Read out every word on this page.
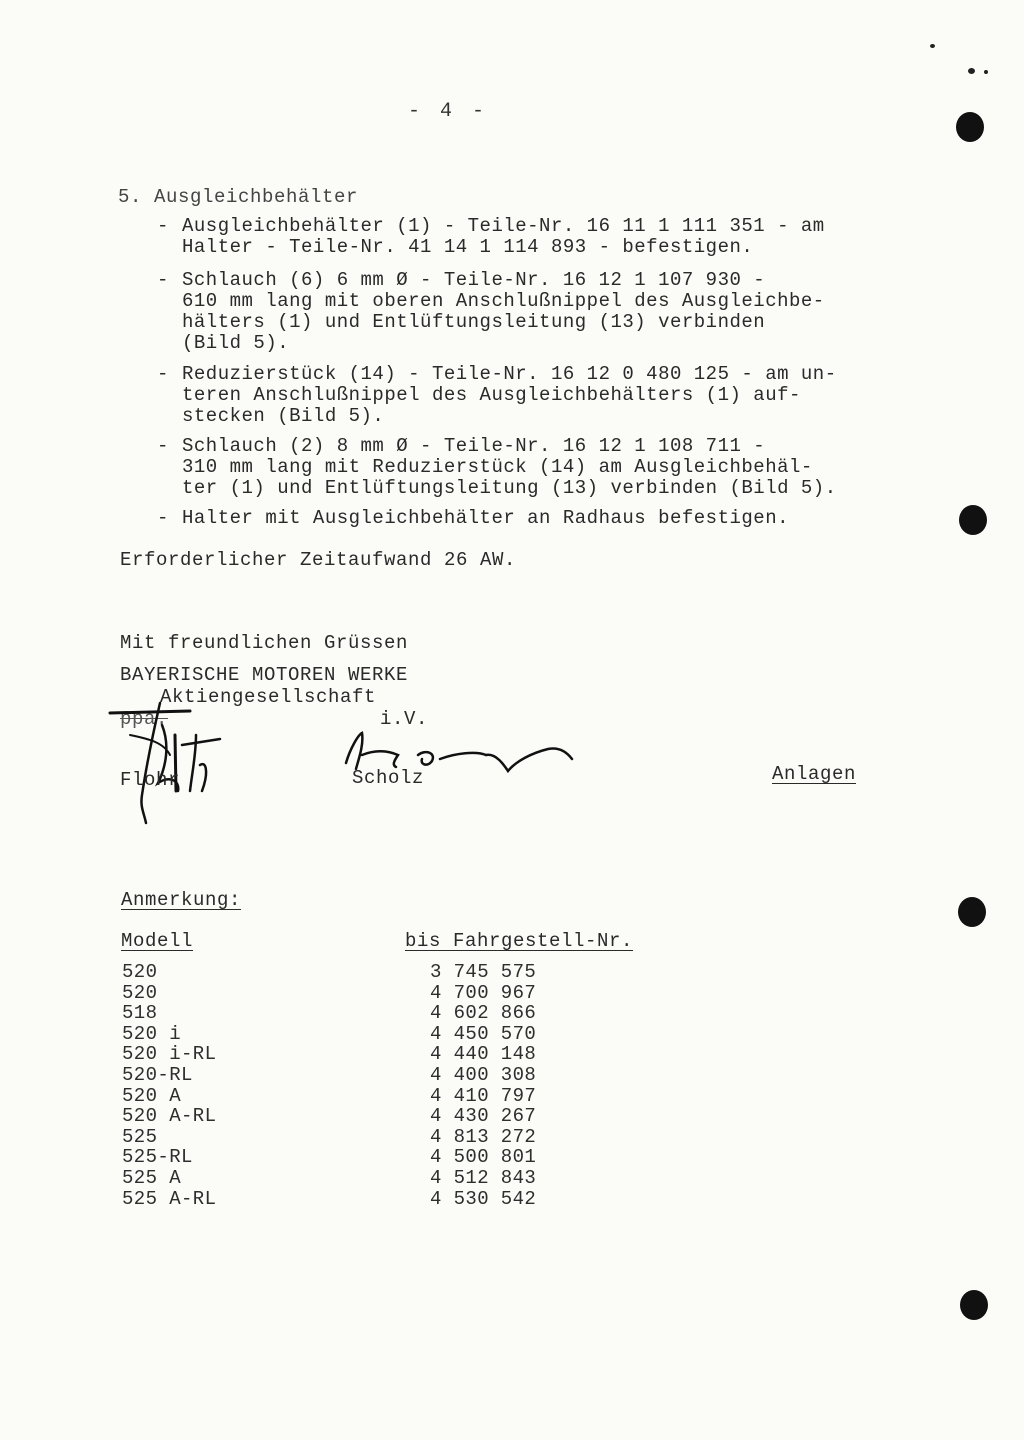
- 4 -
5. Ausgleichbehälter
- Ausgleichbehälter (1) - Teile-Nr. 16 11 1 111 351 - am
Halter - Teile-Nr. 41 14 1 114 893 - befestigen.
- Schlauch (6) 6 mm Ø - Teile-Nr. 16 12 1 107 930 -
610 mm lang mit oberen Anschlußnippel des Ausgleichbe-
hälters (1) und Entlüftungsleitung (13) verbinden
(Bild 5).
- Reduzierstück (14) - Teile-Nr. 16 12 0 480 125 - am un-
teren Anschlußnippel des Ausgleichbehälters (1) auf-
stecken (Bild 5).
- Schlauch (2) 8 mm Ø - Teile-Nr. 16 12 1 108 711 -
310 mm lang mit Reduzierstück (14) am Ausgleichbehäl-
ter (1) und Entlüftungsleitung (13) verbinden (Bild 5).
- Halter mit Ausgleichbehälter an Radhaus befestigen.
Erforderlicher Zeitaufwand 26 AW.
Mit freundlichen Grüssen
BAYERISCHE MOTOREN WERKE
Aktiengesellschaft
ppa.	i.V.
Flohr	Scholz	Anlagen
Anmerkung:
Modell	bis Fahrgestell-Nr.
520	3 745 575
520	4 700 967
518	4 602 866
520 i	4 450 570
520 i-RL	4 440 148
520-RL	4 400 308
520 A	4 410 797
520 A-RL	4 430 267
525	4 813 272
525-RL	4 500 801
525 A	4 512 843
525 A-RL	4 530 542
